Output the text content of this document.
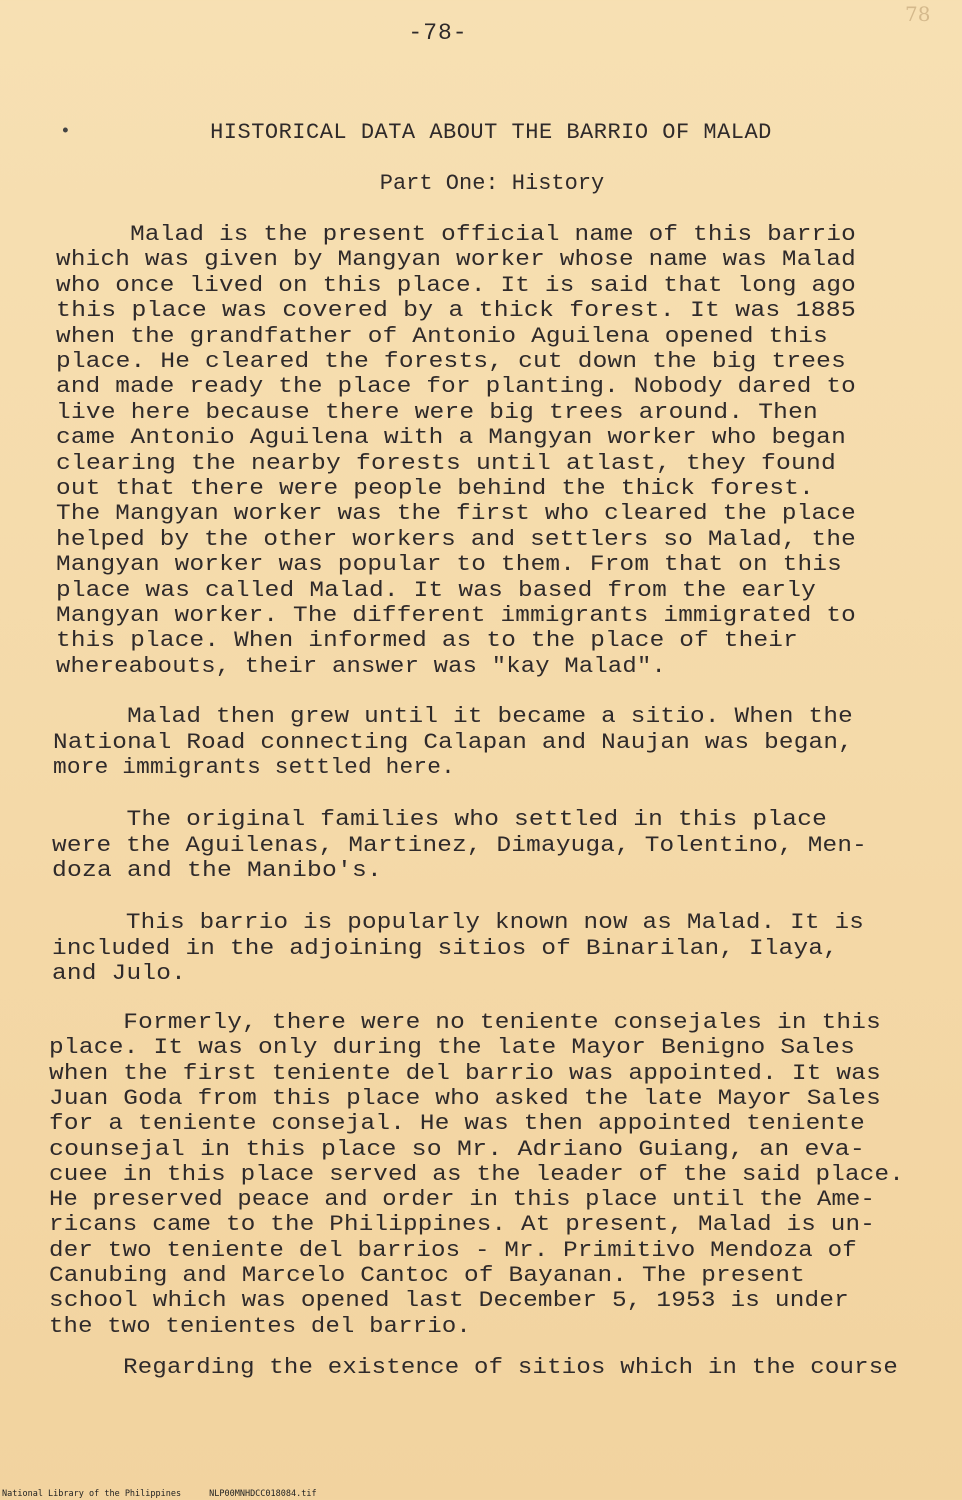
-78-
78
•	HISTORICAL DATA ABOUT THE BARRIO OF MALAD
Part One: History
Malad is the present official name of this barrio
which was given by Mangyan worker whose name was Malad
who once lived on this place. It is said that long ago
this place was covered by a thick forest. It was 1885
when the grandfather of Antonio Aguilena opened this
place. He cleared the forests, cut down the big trees
and made ready the place for planting. Nobody dared to
live here because there were big trees around. Then
came Antonio Aguilena with a Mangyan worker who began
clearing the nearby forests until atlast, they found
out that there were people behind the thick forest.
The Mangyan worker was the first who cleared the place
helped by the other workers and settlers so Malad, the
Mangyan worker was popular to them. From that on this
place was called Malad. It was based from the early
Mangyan worker. The different immigrants immigrated to
this place. When informed as to the place of their
whereabouts, their answer was "kay Malad".
Malad then grew until it became a sitio. When the
National Road connecting Calapan and Naujan was began,
more immigrants settled here.
The original families who settled in this place
were the Aguilenas, Martinez, Dimayuga, Tolentino, Men-
doza and the Manibo's.
This barrio is popularly known now as Malad. It is
included in the adjoining sitios of Binarilan, Ilaya,
and Julo.
Formerly, there were no teniente consejales in this
place. It was only during the late Mayor Benigno Sales
when the first teniente del barrio was appointed. It was
Juan Goda from this place who asked the late Mayor Sales
for a teniente consejal. He was then appointed teniente
counsejal in this place so Mr. Adriano Guiang, an eva-
cuee in this place served as the leader of the said place.
He preserved peace and order in this place until the Ame-
ricans came to the Philippines. At present, Malad is un-
der two teniente del barrios - Mr. Primitivo Mendoza of
Canubing and Marcelo Cantoc of Bayanan. The present
school which was opened last December 5, 1953 is under
the two tenientes del barrio.
Regarding the existence of sitios which in the course
National Library of the Philippines	NLP00MNHDCC018084.tif
